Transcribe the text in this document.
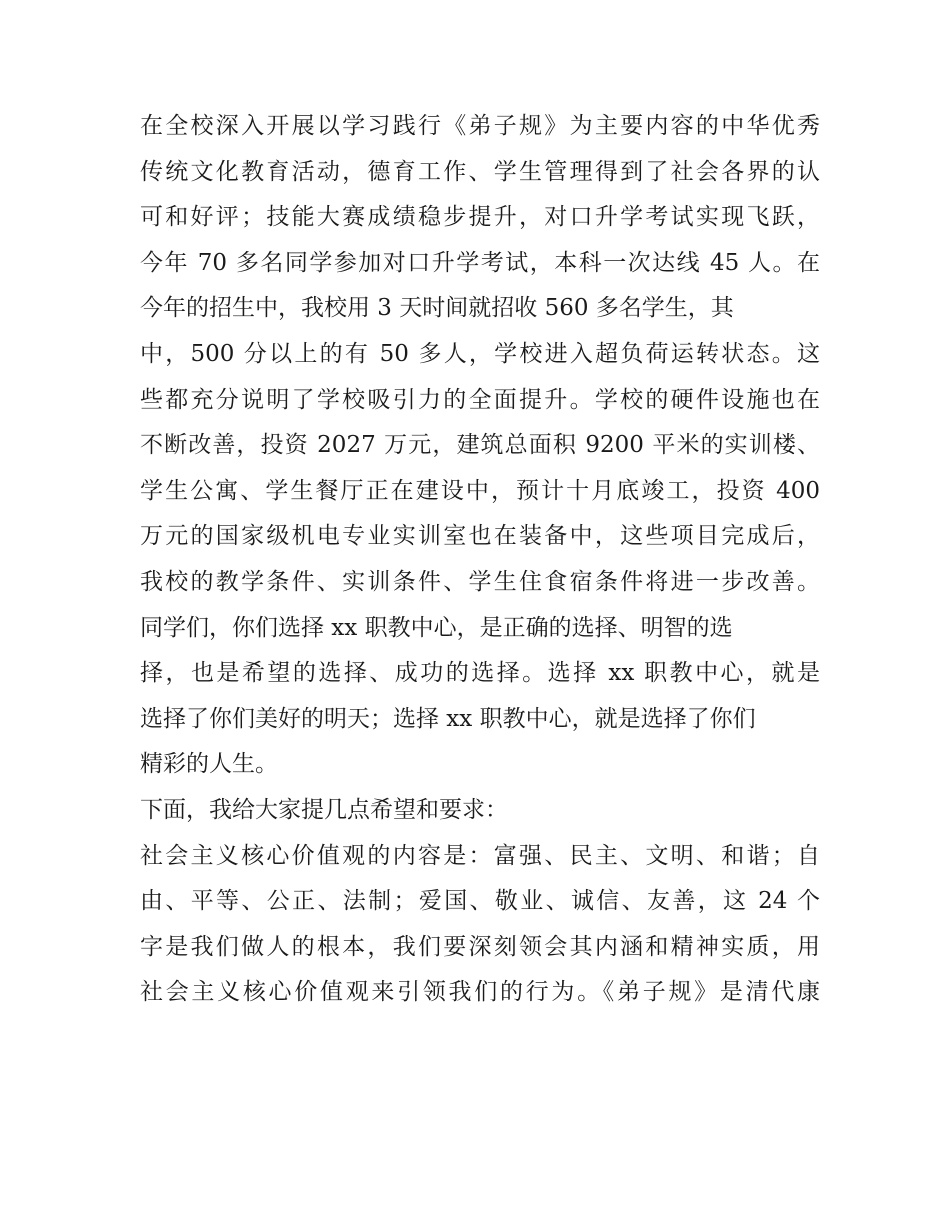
在全校深入开展以学习践行《弟子规》为主要内容的中华优秀
传统文化教育活动，德育工作、学生管理得到了社会各界的认
可和好评；技能大赛成绩稳步提升，对口升学考试实现飞跃，
今年 70 多名同学参加对口升学考试，本科一次达线 45 人。在
今年的招生中，我校用 3 天时间就招收 560 多名学生，其
中，500 分以上的有 50 多人，学校进入超负荷运转状态。这
些都充分说明了学校吸引力的全面提升。学校的硬件设施也在
不断改善，投资 2027 万元，建筑总面积 9200 平米的实训楼、
学生公寓、学生餐厅正在建设中，预计十月底竣工，投资 400
万元的国家级机电专业实训室也在装备中，这些项目完成后，
我校的教学条件、实训条件、学生住食宿条件将进一步改善。
同学们，你们选择 xx 职教中心，是正确的选择、明智的选
择，也是希望的选择、成功的选择。选择 xx 职教中心，就是
选择了你们美好的明天；选择 xx 职教中心，就是选择了你们
精彩的人生。
下面，我给大家提几点希望和要求：
社会主义核心价值观的内容是：富强、民主、文明、和谐；自
由、平等、公正、法制；爱国、敬业、诚信、友善，这 24 个
字是我们做人的根本，我们要深刻领会其内涵和精神实质，用
社会主义核心价值观来引领我们的行为。《弟子规》是清代康
